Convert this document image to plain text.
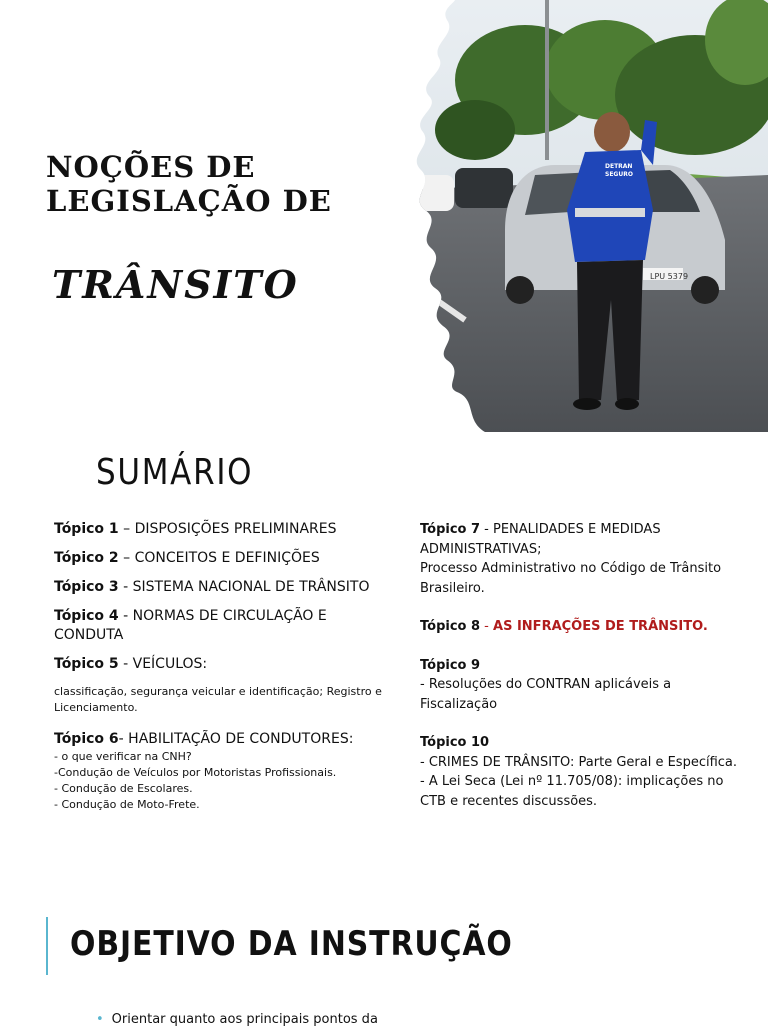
NOÇÕES DE
LEGISLAÇÃO DE
TRÂNSITO	LPU 5379
DETRAN
SEGURO
SUMÁRIO

Tópico 1 – DISPOSIÇÕES PRELIMINARES

Tópico 2 – CONCEITOS E DEFINIÇÕES

Tópico 3 - SISTEMA NACIONAL DE TRÂNSITO

Tópico 4 - NORMAS DE CIRCULAÇÃO E CONDUTA

Tópico 5 - VEÍCULOS:

classificação, segurança veicular e identificação; Registro e Licenciamento.

Tópico 6- HABILITAÇÃO DE CONDUTORES:

- o que verificar na CNH?
-Condução de Veículos por Motoristas Profissionais.
- Condução de Escolares.
- Condução de Moto-Frete.

Tópico 7 - PENALIDADES E MEDIDAS ADMINISTRATIVAS;
Processo Administrativo no Código de Trânsito Brasileiro.

Tópico 8 - AS INFRAÇÕES DE TRÂNSITO.

Tópico 9
- Resoluções do CONTRAN aplicáveis a Fiscalização

Tópico 10
- CRIMES DE TRÂNSITO: Parte Geral e Específica.
- A Lei Seca (Lei nº 11.705/08): implicações no CTB e recentes discussões.

OBJETIVO DA INSTRUÇÃO
• Orientar quanto aos principais pontos da
